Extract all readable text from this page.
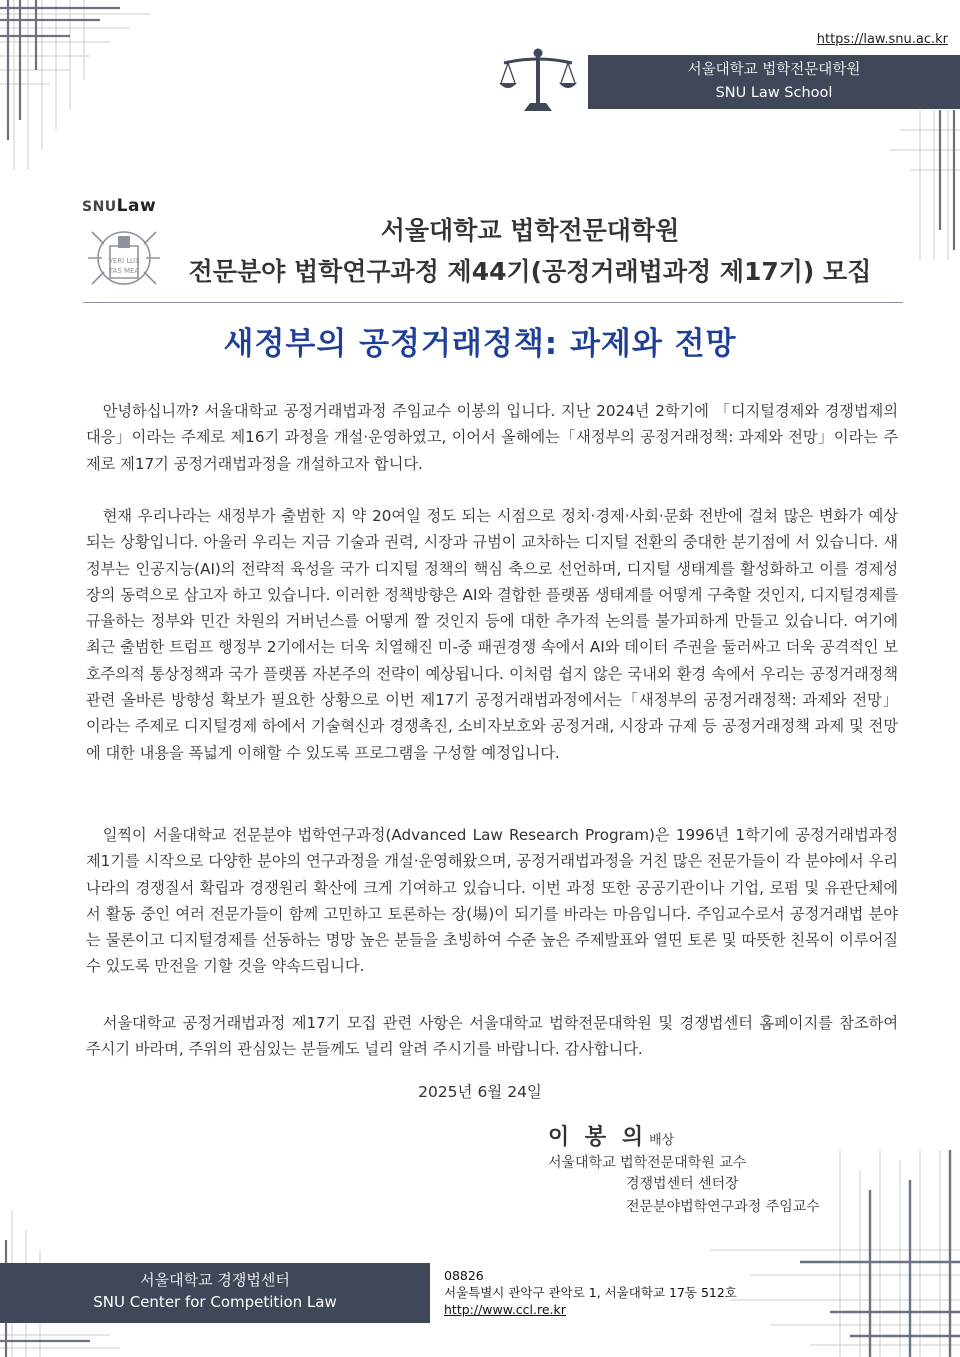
https://law.snu.ac.kr
서울대학교 법학전문대학원
SNU Law School
SNULaw
VERI LUX
TAS MEA
서울대학교 법학전문대학원
전문분야 법학연구과정 제44기(공정거래법과정 제17기) 모집
새정부의 공정거래정책: 과제와 전망

안녕하십니까? 서울대학교 공정거래법과정 주임교수 이봉의 입니다. 지난 2024년 2학기에 「디지털경제와 경쟁법제의 대응」이라는 주제로 제16기 과정을 개설·운영하였고, 이어서 올해에는「새정부의 공정거래정책: 과제와 전망」이라는 주제로 제17기 공정거래법과정을 개설하고자 합니다.

현재 우리나라는 새정부가 출범한 지 약 20여일 정도 되는 시점으로 정치·경제·사회·문화 전반에 걸쳐 많은 변화가 예상되는 상황입니다. 아울러 우리는 지금 기술과 권력, 시장과 규범이 교차하는 디지털 전환의 중대한 분기점에 서 있습니다. 새 정부는 인공지능(AI)의 전략적 육성을 국가 디지털 정책의 핵심 축으로 선언하며, 디지털 생태계를 활성화하고 이를 경제성장의 동력으로 삼고자 하고 있습니다. 이러한 정책방향은 AI와 결합한 플랫폼 생태계를 어떻게 구축할 것인지, 디지털경제를 규율하는 정부와 민간 차원의 거버넌스를 어떻게 짤 것인지 등에 대한 추가적 논의를 불가피하게 만들고 있습니다. 여기에 최근 출범한 트럼프 행정부 2기에서는 더욱 치열해진 미-중 패권경쟁 속에서 AI와 데이터 주권을 둘러싸고 더욱 공격적인 보호주의적 통상정책과 국가 플랫폼 자본주의 전략이 예상됩니다. 이처럼 쉽지 않은 국내외 환경 속에서 우리는 공정거래정책 관련 올바른 방향성 확보가 필요한 상황으로 이번 제17기 공정거래법과정에서는「새정부의 공정거래정책: 과제와 전망」이라는 주제로 디지털경제 하에서 기술혁신과 경쟁촉진, 소비자보호와 공정거래, 시장과 규제 등 공정거래정책 과제 및 전망에 대한 내용을 폭넓게 이해할 수 있도록 프로그램을 구성할 예정입니다.

일찍이 서울대학교 전문분야 법학연구과정(Advanced Law Research Program)은 1996년 1학기에 공정거래법과정 제1기를 시작으로 다양한 분야의 연구과정을 개설·운영해왔으며, 공정거래법과정을 거친 많은 전문가들이 각 분야에서 우리나라의 경쟁질서 확립과 경쟁원리 확산에 크게 기여하고 있습니다. 이번 과정 또한 공공기관이나 기업, 로펌 및 유관단체에서 활동 중인 여러 전문가들이 함께 고민하고 토론하는 장(場)이 되기를 바라는 마음입니다. 주임교수로서 공정거래법 분야는 물론이고 디지털경제를 선동하는 명망 높은 분들을 초빙하여 수준 높은 주제발표와 열띤 토론 및 따뜻한 친목이 이루어질 수 있도록 만전을 기할 것을 약속드립니다.

서울대학교 공정거래법과정 제17기 모집 관련 사항은 서울대학교 법학전문대학원 및 경쟁법센터 홈페이지를 참조하여 주시기 바라며, 주위의 관심있는 분들께도 널리 알려 주시기를 바랍니다. 감사합니다.

2025년 6월 24일
이 봉 의 배상
서울대학교 법학전문대학원 교수
경쟁법센터 센터장
전문분야법학연구과정 주임교수
서울대학교 경쟁법센터
SNU Center for Competition Law
08826
서울특별시 관악구 관악로 1, 서울대학교 17동 512호
http://www.ccl.re.kr
